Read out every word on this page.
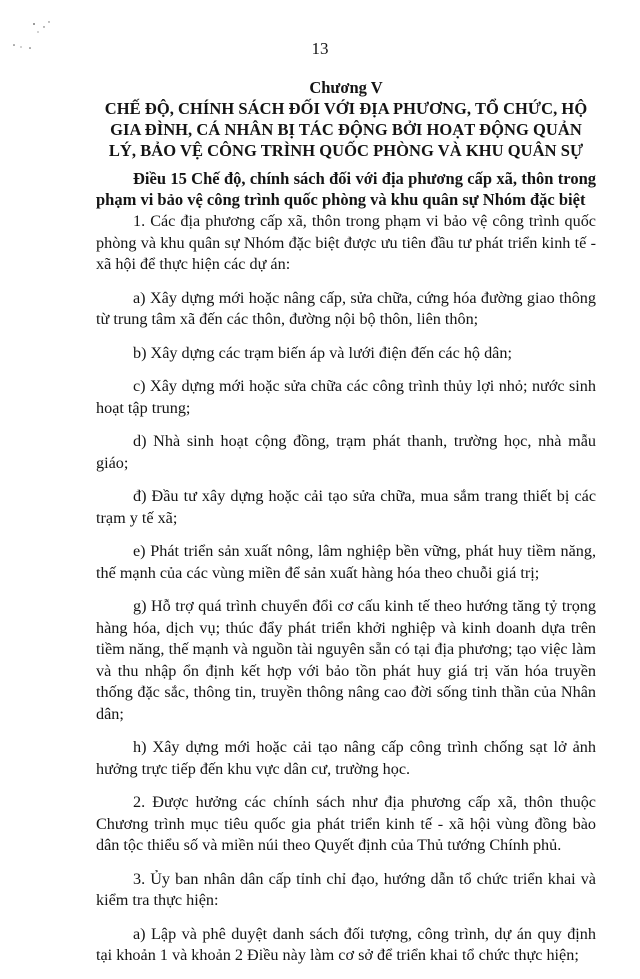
13
Chương V
CHẾ ĐỘ, CHÍNH SÁCH ĐỐI VỚI ĐỊA PHƯƠNG, TỔ CHỨC, HỘ GIA ĐÌNH, CÁ NHÂN BỊ TÁC ĐỘNG BỞI HOẠT ĐỘNG QUẢN LÝ, BẢO VỆ CÔNG TRÌNH QUỐC PHÒNG VÀ KHU QUÂN SỰ
Điều 15 Chế độ, chính sách đối với địa phương cấp xã, thôn trong phạm vi bảo vệ công trình quốc phòng và khu quân sự Nhóm đặc biệt

1. Các địa phương cấp xã, thôn trong phạm vi bảo vệ công trình quốc phòng và khu quân sự Nhóm đặc biệt được ưu tiên đầu tư phát triển kinh tế - xã hội để thực hiện các dự án:

a) Xây dựng mới hoặc nâng cấp, sửa chữa, cứng hóa đường giao thông từ trung tâm xã đến các thôn, đường nội bộ thôn, liên thôn;

b) Xây dựng các trạm biến áp và lưới điện đến các hộ dân;

c) Xây dựng mới hoặc sửa chữa các công trình thủy lợi nhỏ; nước sinh hoạt tập trung;

d) Nhà sinh hoạt cộng đồng, trạm phát thanh, trường học, nhà mẫu giáo;

đ) Đầu tư xây dựng hoặc cải tạo sửa chữa, mua sắm trang thiết bị các trạm y tế xã;

e) Phát triển sản xuất nông, lâm nghiệp bền vững, phát huy tiềm năng, thế mạnh của các vùng miền để sản xuất hàng hóa theo chuỗi giá trị;

g) Hỗ trợ quá trình chuyển đổi cơ cấu kinh tế theo hướng tăng tỷ trọng hàng hóa, dịch vụ; thúc đẩy phát triển khởi nghiệp và kinh doanh dựa trên tiềm năng, thế mạnh và nguồn tài nguyên sẵn có tại địa phương; tạo việc làm và thu nhập ổn định kết hợp với bảo tồn phát huy giá trị văn hóa truyền thống đặc sắc, thông tin, truyền thông nâng cao đời sống tinh thần của Nhân dân;

h) Xây dựng mới hoặc cải tạo nâng cấp công trình chống sạt lở ảnh hưởng trực tiếp đến khu vực dân cư, trường học.

2. Được hưởng các chính sách như địa phương cấp xã, thôn thuộc Chương trình mục tiêu quốc gia phát triển kinh tế - xã hội vùng đồng bào dân tộc thiểu số và miền núi theo Quyết định của Thủ tướng Chính phủ.

3. Ủy ban nhân dân cấp tỉnh chỉ đạo, hướng dẫn tổ chức triển khai và kiểm tra thực hiện:

a) Lập và phê duyệt danh sách đối tượng, công trình, dự án quy định tại khoản 1 và khoản 2 Điều này làm cơ sở để triển khai tổ chức thực hiện;
